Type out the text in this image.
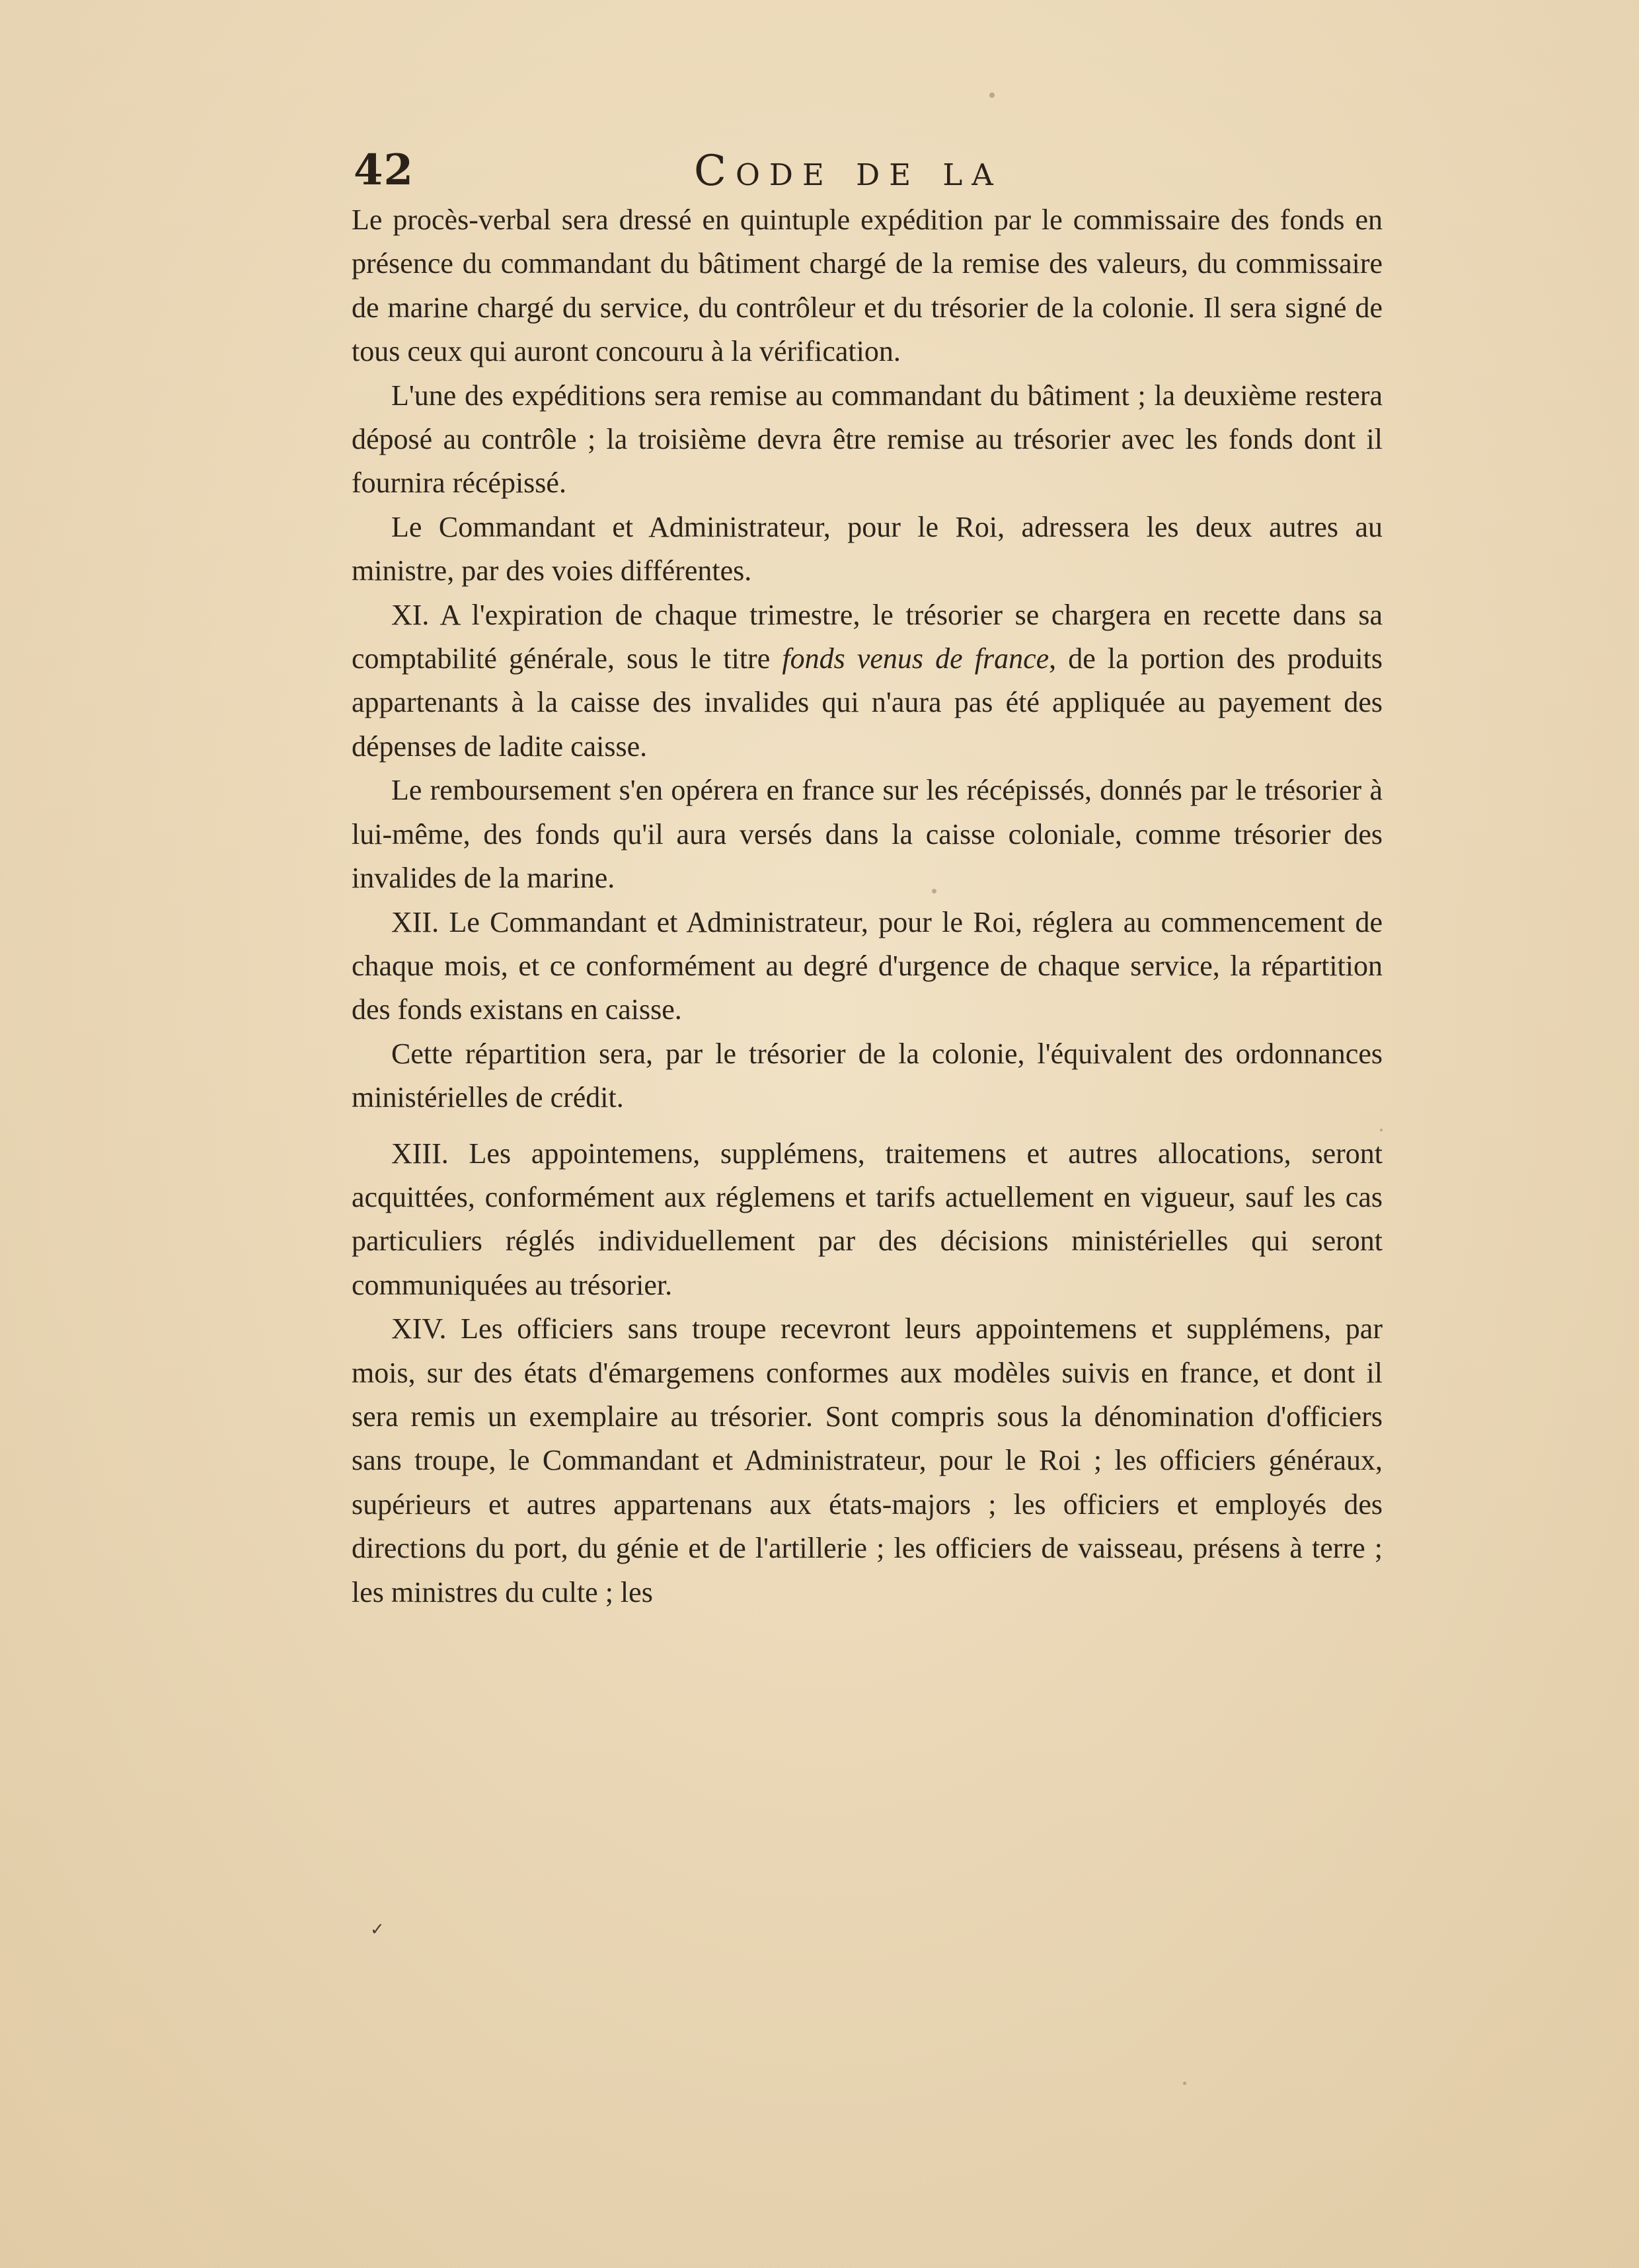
42	Code de la

Le procès-verbal sera dressé en quintuple expédition par le commissaire des fonds en présence du commandant du bâtiment chargé de la remise des valeurs, du commissaire de marine chargé du service, du contrôleur et du trésorier de la colonie. Il sera signé de tous ceux qui auront concouru à la vérification.

L'une des expéditions sera remise au commandant du bâtiment ; la deuxième restera déposé au contrôle ; la troisième devra être remise au trésorier avec les fonds dont il fournira récépissé.

Le Commandant et Administrateur, pour le Roi, adressera les deux autres au ministre, par des voies différentes.

XI. A l'expiration de chaque trimestre, le trésorier se chargera en recette dans sa comptabilité générale, sous le titre fonds venus de france, de la portion des produits appartenants à la caisse des invalides qui n'aura pas été appliquée au payement des dépenses de ladite caisse.

Le remboursement s'en opérera en france sur les récépissés, donnés par le trésorier à lui-même, des fonds qu'il aura versés dans la caisse coloniale, comme trésorier des invalides de la marine.

XII. Le Commandant et Administrateur, pour le Roi, réglera au commencement de chaque mois, et ce conformément au degré d'urgence de chaque service, la répartition des fonds existans en caisse.

Cette répartition sera, par le trésorier de la colonie, l'équivalent des ordonnances ministérielles de crédit.

XIII. Les appointemens, supplémens, traitemens et autres allocations, seront acquittées, conformément aux réglemens et tarifs actuellement en vigueur, sauf les cas particuliers réglés individuellement par des décisions ministérielles qui seront communiquées au trésorier.

XIV. Les officiers sans troupe recevront leurs appointemens et supplémens, par mois, sur des états d'émargemens conformes aux modèles suivis en france, et dont il sera remis un exemplaire au trésorier. Sont compris sous la dénomination d'officiers sans troupe, le Commandant et Administrateur, pour le Roi ; les officiers généraux, supérieurs et autres appartenans aux états-majors ; les officiers et employés des directions du port, du génie et de l'artillerie ; les officiers de vaisseau, présens à terre ; les ministres du culte ; les

✓
